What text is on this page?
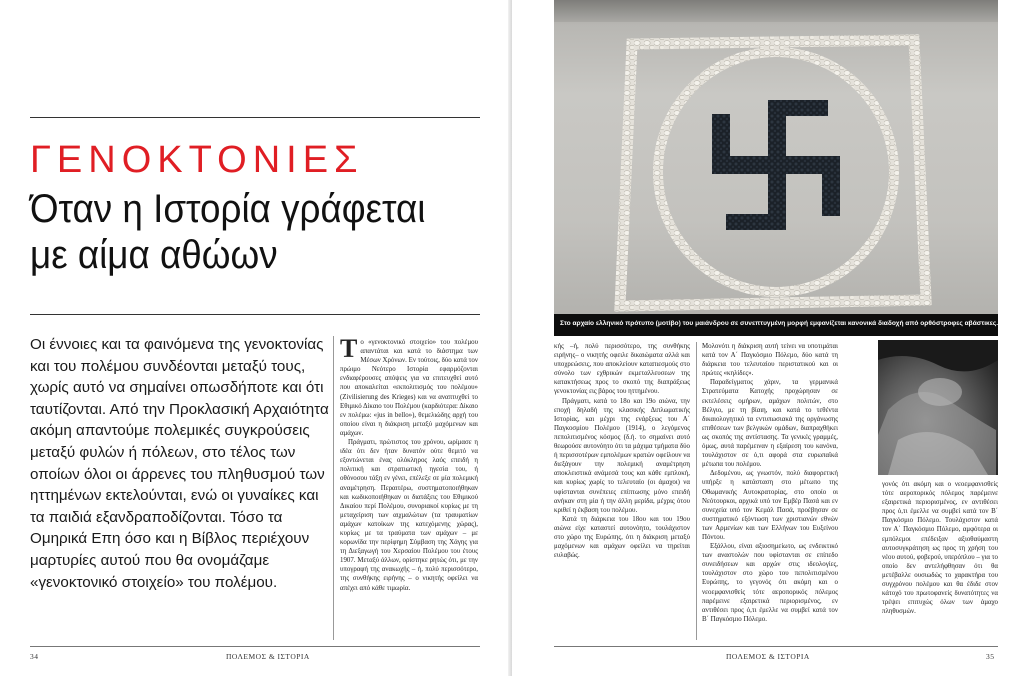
ΓΕΝΟΚΤΟΝΙΕΣ
Όταν η Ιστορία γράφεται
με αίμα αθώων
Οι έννοιες και τα φαινόμενα της γενοκτονίας και του πολέμου συνδέονται μεταξύ τους, χωρίς αυτό να σημαίνει οπωσδήποτε και ότι ταυτίζονται. Από την Προκλασική Αρχαιότητα ακόμη απαντούμε πολεμικές συγκρούσεις μεταξύ φυλών ή πόλεων, στο τέλος των οποίων όλοι οι άρρενες του πληθυσμού των ηττημένων εκτελούνται, ενώ οι γυναίκες και τα παιδιά εξανδραποδίζονται. Τόσο τα Ομηρικά Επη όσο και η Βίβλος περιέχουν μαρτυρίες αυτού που θα ονομάζαμε «γενοκτονικό στοιχείο» του πολέμου.

Το «γενοκτονικό στοιχείο» του πολέμου απαντάται και κατά το διάστημα των Μέσων Χρόνων. Εν τούτοις, δύο κατά τον πρώιμο Νεότερο Ιστορία εφαρμόζονται ενδιαφέρουσες απόψεις για να επιτευχθεί αυτό που αποκαλείται «εκπολιτισμός του πολέμου» (Zivilisierung des Krieges) και να αναπτυχθεί το Εθιμικό Δίκαιο του Πολέμου (καρδιότερα: Δίκαιο εν πολέμω: «jus in bello»), θεμελιώδης αρχή του οποίου είναι η διάκριση μεταξύ μαχόμενων και αμάχων.

Πράγματι, πρώτιστος του χρόνου, ωρίμασε η ιδέα ότι δεν ήταν δυνατόν ούτε θεμιτό να εξοντώνεται ένας ολόκληρος λαός επειδή η πολιτική και στρατιωτική ηγεσία του, ή οθόνοσου τάξη εν γένει, επέλεξε σε μία πολεμική αναμέτρηση. Περαιτέρω, συστηματοποιήθηκαν και κωδικοποιήθηκαν οι διατάξεις του Εθιμικού Δικαίου περί Πολέμου, συνοριακοί κυρίως με τη μεταχείριση των αιχμαλώτων (τα τραυματίων αμάχων κατοίκων της κατεχόμενης χώρας), κυρίως με τα τραύματα των αμάχων – με κορωνίδα την περίφημη Σύμβαση της Χάγης για τη Διεξαγωγή του Χερσαίου Πολέμου του έτους 1907. Μεταξύ άλλων, ορίστηκε ρητώς ότι, με την υπογραφή της ανακωχής – ή, πολύ περισσότερο, της συνθήκης ειρήνης – ο νικητής οφείλει να απέχει από κάθε τιμωρία.

34	ΠΟΛΕΜΟΣ & ΙΣΤΟΡΙΑ
Στο αρχαίο ελληνικό πρότυπο (μοτίβο) του μαιάνδρου σε συνεπτυγμένη μορφή εμφανίζεται κανονικά διαδοχή από ορθόστροφες αβάστικες.

κής –ή, πολύ περισσότερο, της συνθήκης ειρήνης– ο νικητής οφειλε δικαιώματα αλλά και υποχρεώσεις, που αποκλείουν καταπιεσμούς στο σύνολο των εχθρικών εκμεταλλευσεων της κατακτήσεως προς το σκοπό της διαπράξεως γενοκτονίας εις βάρος του ηττημένου.

Πράγματι, κατά το 18ο και 19ο αιώνα, την εποχή δηλαδή της κλασικής Διπλωματικής Ιστορίας, και μέχρι της ενάρξεως του Α΄ Παγκοσμίου Πολέμου (1914), ο λεγόμενος πεπολιτισμένος κόσμος (δ.ή. το σημαίνει αυτό θεωρούσε αυτονόητο ότι τα μάχιμα τμήματα δύο ή περισσοτέρων εμπολέμων κρατών οφείλουν να διεξάγουν την πολεμική αναμέτρηση αποκλειστικά ανάμεσά τους και κάθε εμπλοκή, και κυρίως χωρίς το τελευταίο (οι άμαχοι) να υφίστανται συνέπειες επίπτωσης μόνο επειδή ανήκαν στη μία ή την άλλη μερίδα, μέχρις ότου κριθεί η έκβαση του πολέμου.

Κατά τη διάρκεια του 18ου και του 19ου αιώνα είχε καταστεί αυτονόητο, τουλάχιστον στο χώρο της Ευρώπης, ότι η διάκριση μεταξύ μαχόμενων και αμάχων οφείλει να τηρείται ευλαβώς.

Μολονότι η διάκριση αυτή τείνει να υποτιμάται κατά τον Α΄ Παγκόσμιο Πόλεμο, δύο κατά τη διάρκεια του τελευταίου περιστατικού και οι πρώτες «κηλίδες».

Παραδείγματος χάριν, τα γερμανικά Στρατεύματα Κατοχής προχώρησαν σε εκτελέσεις ομήρων, αμάχων πολιτών, στο Βέλγιο, με τη βίαιη, και κατά το τεθέντα δικαιολογητικό τα εντυπωσιακά της οργάνωσης επιθέσεων των βελγικών ομάδων, διαπραχθήκει ως σκοπός της αντίστασης. Τα γενικές γραμμές, όμως, αυτά παρέμειναν η εξαίρεση του κανόνα, τουλάχιστον σε ό,τι αφορά στα ευρωπαϊκά μέτωπα του πολέμου.

Δεδομένου, ως γνωστόν, πολύ διαφορετική υπήρξε η κατάσταση στο μέτωπο της Οθωμανικής Αυτοκρατορίας, στο οποίο οι Νεότουρκοι, αρχικά υπό τον Εμβέρ Πασά και εν συνεχεία υπό τον Κεμάλ Πασά, προέβησαν σε συστηματικό εξόντωση των χριστιανών εθνών των Αρμενίων και των Ελλήνων του Ευξείνου Πόντου.

Εξάλλου, είναι αξιοσημείωτο, ως ενδεικτικό των αναστολών που υφίστανται σε επίπεδο συνειδήσεων και αρχών στις ιδεολογίες, τουλάχιστον στο χώρο του πεπολιτισμένου Ευρώπης, το γεγονός ότι ακόμη και ο νεοεμφανισθείς τότε αεροπορικός πόλεμος παρέμεινε εξαιρετικά περιορισμένος, εν αντιθέσει προς ό,τι έμελλε να συμβεί κατά τον Β΄ Παγκόσμιο Πόλεμο.

γονός ότι ακόμη και ο νεοεμφανισθείς τότε αεροπορικός πόλεμος παρέμεινε εξαιρετικά περιορισμένος, εν αντιθέσει προς ό,τι έμελλε να συμβεί κατά τον Β΄ Παγκόσμιο Πόλεμο. Τουλάχιστον κατά τον Α΄ Παγκόσμιο Πόλεμο, αμφότερα οι εμπόλεμοι επέδειξαν αξιοθαύμαστη αυτοσυγκράτηση ως προς τη χρήση του νέου αυτού, φοβερού, υπερόπλου – για το οποίο δεν αντελήφθησαν ότι θα μετέβαλλε ουσιωδώς το χαρακτήρα του συγχρόνου πολέμου και θα έδιδε στον κάτοχό του πρωτοφανείς δυνατότητες να τρέψει επιτυχώς όλων των άμαχο πληθυσμών.

ΠΟΛΕΜΟΣ & ΙΣΤΟΡΙΑ	35
